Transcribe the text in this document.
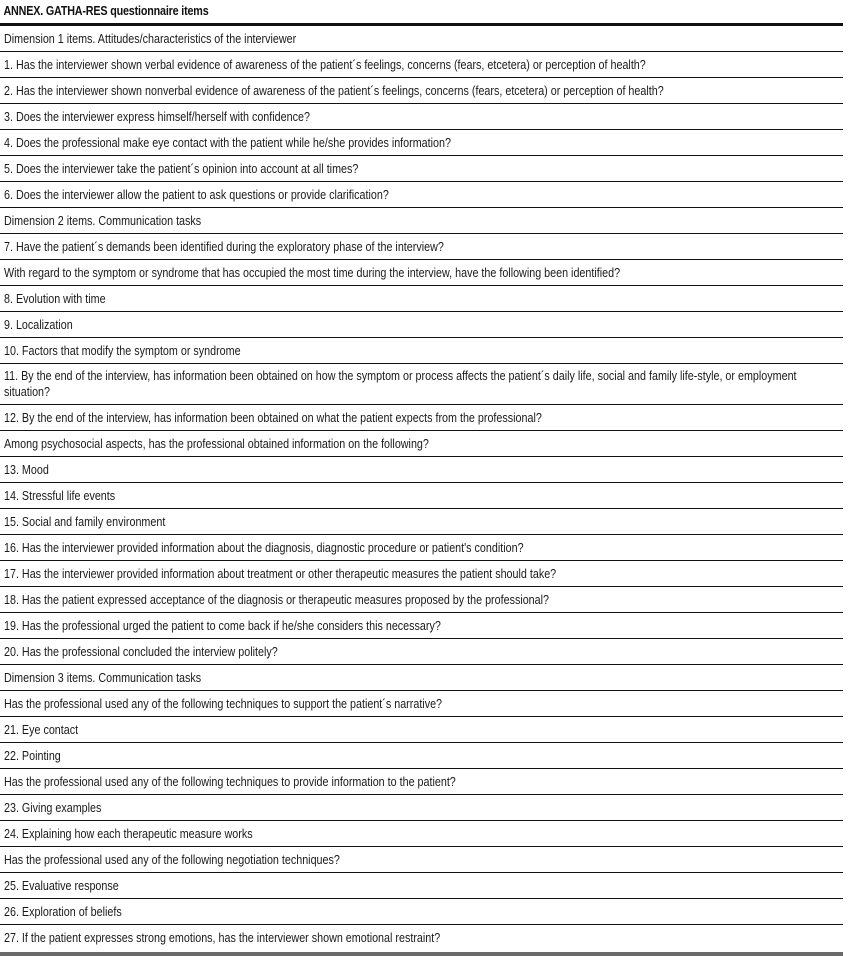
ANNEX. GATHA-RES questionnaire items
Dimension 1 items. Attitudes/characteristics of the interviewer
1. Has the interviewer shown verbal evidence of awareness of the patient´s feelings, concerns (fears, etcetera) or perception of health?
2. Has the interviewer shown nonverbal evidence of awareness of the patient´s feelings, concerns (fears, etcetera) or perception of health?
3. Does the interviewer express himself/herself with confidence?
4. Does the professional make eye contact with the patient while he/she provides information?
5. Does the interviewer take the patient´s opinion into account at all times?
6. Does the interviewer allow the patient to ask questions or provide clarification?
Dimension 2 items. Communication tasks
7. Have the patient´s demands been identified during the exploratory phase of the interview?
With regard to the symptom or syndrome that has occupied the most time during the interview, have the following been identified?
8. Evolution with time
9. Localization
10. Factors that modify the symptom or syndrome
11. By the end of the interview, has information been obtained on how the symptom or process affects the patient´s daily life, social and family life-style, or employment situation?
12. By the end of the interview, has information been obtained on what the patient expects from the professional?
Among psychosocial aspects, has the professional obtained information on the following?
13. Mood
14. Stressful life events
15. Social and family environment
16. Has the interviewer provided information about the diagnosis, diagnostic procedure or patient's condition?
17. Has the interviewer provided information about treatment or other therapeutic measures the patient should take?
18. Has the patient expressed acceptance of the diagnosis or therapeutic measures proposed by the professional?
19. Has the professional urged the patient to come back if he/she considers this necessary?
20. Has the professional concluded the interview politely?
Dimension 3 items. Communication tasks
Has the professional used any of the following techniques to support the patient´s narrative?
21. Eye contact
22. Pointing
Has the professional used any of the following techniques to provide information to the patient?
23. Giving examples
24. Explaining how each therapeutic measure works
Has the professional used any of the following negotiation techniques?
25. Evaluative response
26. Exploration of beliefs
27. If the patient expresses strong emotions, has the interviewer shown emotional restraint?
